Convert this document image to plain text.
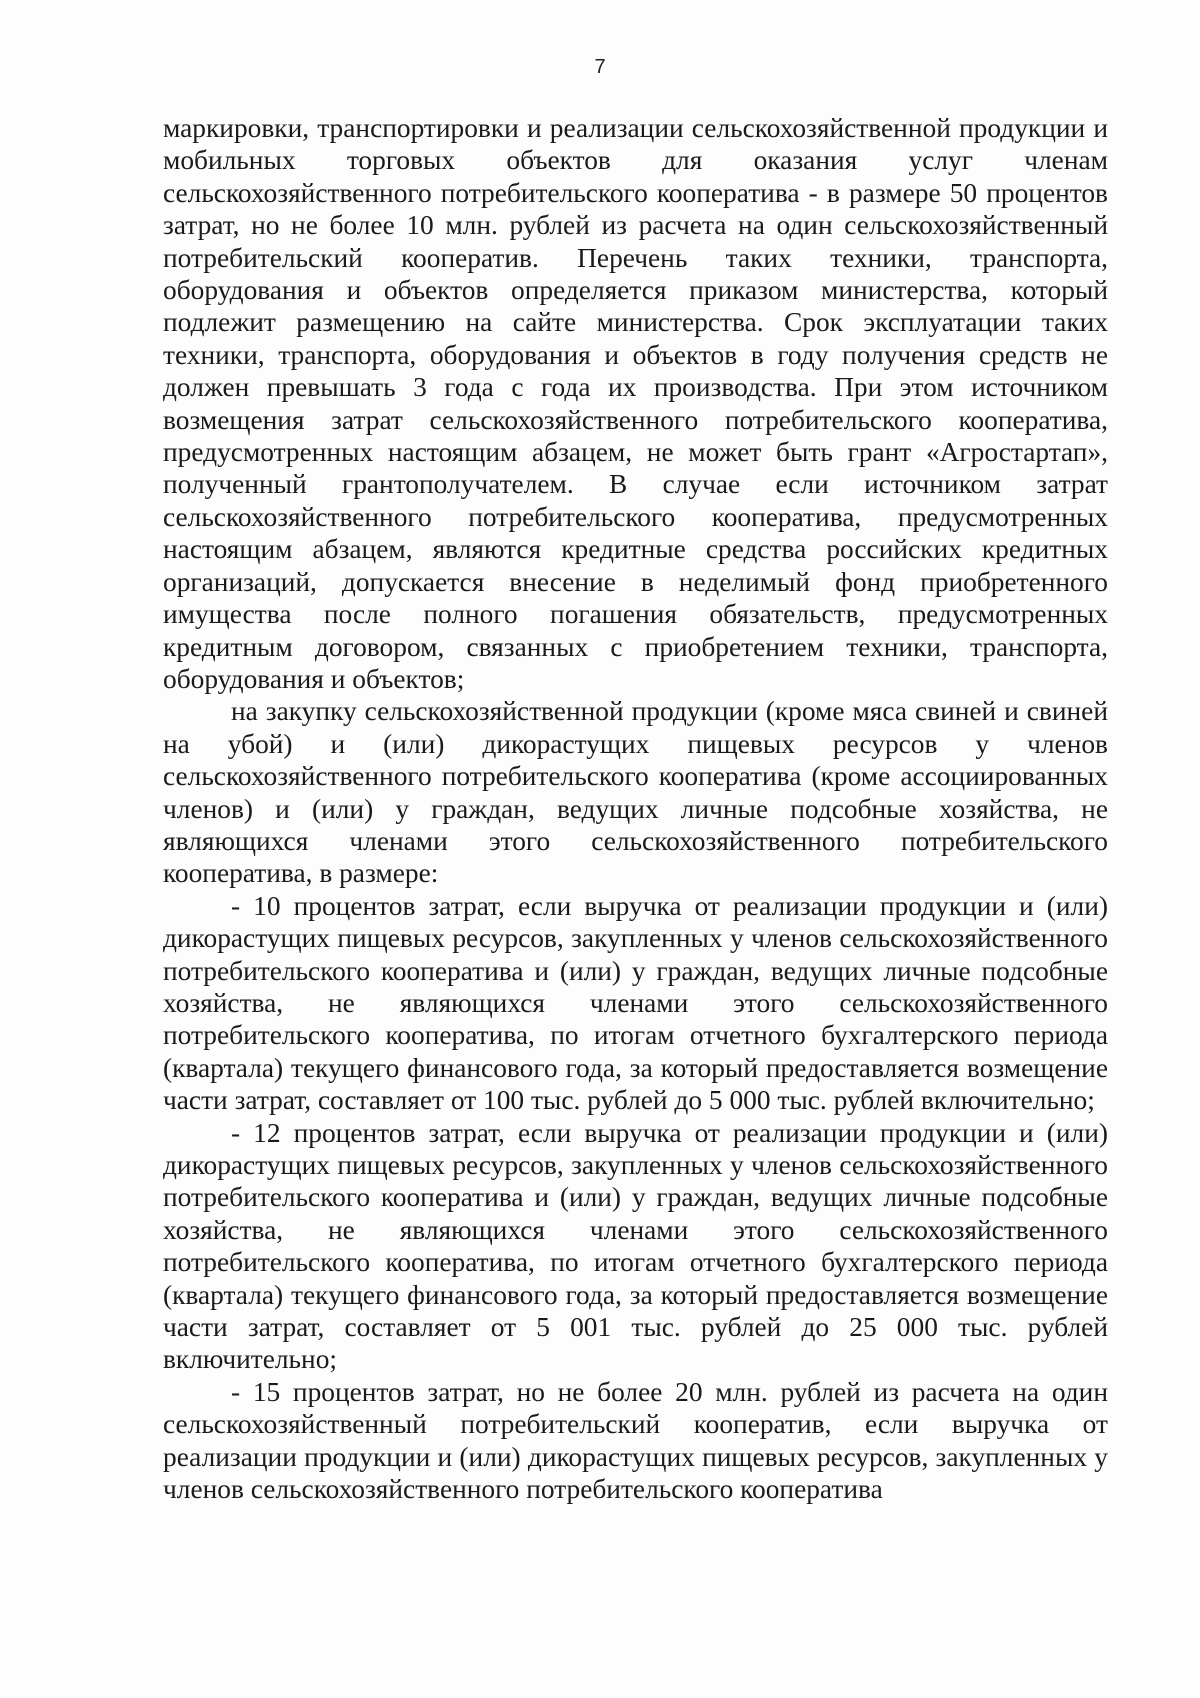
7

маркировки, транспортировки и реализации сельскохозяйственной продукции и мобильных торговых объектов для оказания услуг членам сельскохозяйственного потребительского кооператива - в размере 50 процентов затрат, но не более 10 млн. рублей из расчета на один сельскохозяйственный потребительский кооператив. Перечень таких техники, транспорта, оборудования и объектов определяется приказом министерства, который подлежит размещению на сайте министерства. Срок эксплуатации таких техники, транспорта, оборудования и объектов в году получения средств не должен превышать 3 года с года их производства. При этом источником возмещения затрат сельскохозяйственного потребительского кооператива, предусмотренных настоящим абзацем, не может быть грант «Агростартап», полученный грантополучателем. В случае если источником затрат сельскохозяйственного потребительского кооператива, предусмотренных настоящим абзацем, являются кредитные средства российских кредитных организаций, допускается внесение в неделимый фонд приобретенного имущества после полного погашения обязательств, предусмотренных кредитным договором, связанных с приобретением техники, транспорта, оборудования и объектов;

на закупку сельскохозяйственной продукции (кроме мяса свиней и свиней на убой) и (или) дикорастущих пищевых ресурсов у членов сельскохозяйственного потребительского кооператива (кроме ассоциированных членов) и (или) у граждан, ведущих личные подсобные хозяйства, не являющихся членами этого сельскохозяйственного потребительского кооператива, в размере:

- 10 процентов затрат, если выручка от реализации продукции и (или) дикорастущих пищевых ресурсов, закупленных у членов сельскохозяйственного потребительского кооператива и (или) у граждан, ведущих личные подсобные хозяйства, не являющихся членами этого сельскохозяйственного потребительского кооператива, по итогам отчетного бухгалтерского периода (квартала) текущего финансового года, за который предоставляется возмещение части затрат, составляет от 100 тыс. рублей до 5 000 тыс. рублей включительно;

- 12 процентов затрат, если выручка от реализации продукции и (или) дикорастущих пищевых ресурсов, закупленных у членов сельскохозяйственного потребительского кооператива и (или) у граждан, ведущих личные подсобные хозяйства, не являющихся членами этого сельскохозяйственного потребительского кооператива, по итогам отчетного бухгалтерского периода (квартала) текущего финансового года, за который предоставляется возмещение части затрат, составляет от 5 001 тыс. рублей до 25 000 тыс. рублей включительно;

- 15 процентов затрат, но не более 20 млн. рублей из расчета на один сельскохозяйственный потребительский кооператив, если выручка от реализации продукции и (или) дикорастущих пищевых ресурсов, закупленных у членов сельскохозяйственного потребительского кооператива
